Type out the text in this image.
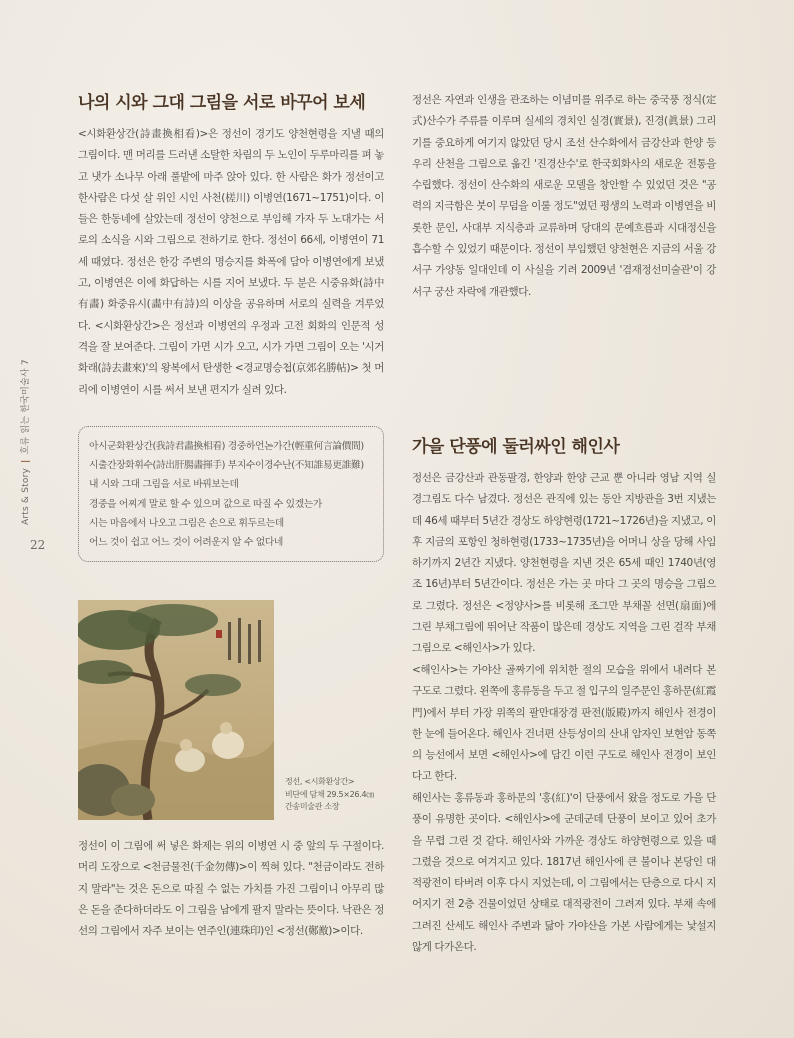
Arts & Story | 호류 읽는 한국미술사 7
22
나의 시와 그대 그림을 서로 바꾸어 보세

<시화환상간(詩畫換相看)>은 정선이 경기도 양천현령을 지낼 때의 그림이다. 맨 머리를 드러낸 소탈한 차림의 두 노인이 두루마리를 펴 놓고 냇가 소나무 아래 풀밭에 마주 앉아 있다. 한 사람은 화가 정선이고 한사람은 다섯 살 위인 시인 사천(槎川) 이병연(1671~1751)이다. 이들은 한동네에 살았는데 정선이 양천으로 부임해 가자 두 노대가는 서로의 소식을 시와 그림으로 전하기로 한다. 정선이 66세, 이병연이 71세 때였다. 정선은 한강 주변의 명승지를 화폭에 담아 이병연에게 보냈고, 이병연은 이에 화답하는 시를 지어 보냈다. 두 분은 시중유화(詩中有畵) 화중유시(畵中有詩)의 이상을 공유하며 서로의 실력을 겨루었다. <시화환상간>은 정선과 이병연의 우정과 고전 회화의 인문적 성격을 잘 보여준다. 그림이 가면 시가 오고, 시가 가면 그림이 오는 '시거화래(詩去畫來)'의 왕복에서 탄생한 <경교명승첩(京郊名勝帖)> 첫 머리에 이병연이 시를 써서 보낸 편지가 실려 있다.

아시군화환상간(我詩君畵換相看) 경중하언논가간(輕重何言論價間)
시출간장화휘수(詩出肝腸畵揮手) 부지수이경수난(不知誰易更誰難)
내 시와 그대 그림을 서로 바꿔보는데
경중을 어찌게 말로 할 수 있으며 값으로 따질 수 있겠는가
시는 마음에서 나오고 그림은 손으로 휘두르는데
어느 것이 쉽고 어느 것이 어려운지 알 수 없다네
정선, <시화환상간>
비단에 담채 29.5×26.4㎝
간송미술관 소장

정선이 이 그림에 써 넣은 화제는 위의 이병연 시 중 앞의 두 구절이다. 머리 도장으로 <천금물전(千金勿傳)>이 찍혀 있다. "천금이라도 전하지 말라"는 것은 돈으로 따질 수 없는 가치를 가진 그림이니 아무리 많은 돈을 준다하더라도 이 그림을 남에게 팔지 말라는 뜻이다. 낙관은 정선의 그림에서 자주 보이는 연주인(連珠印)인 <정선(鄭敾)>이다.

정선은 자연과 인생을 관조하는 이념미를 위주로 하는 중국풍 정식(定式)산수가 주류를 이루며 실세의 경치인 실경(實景), 진경(眞景) 그리기를 중요하게 여기지 않았던 당시 조선 산수화에서 금강산과 한양 등 우리 산천을 그림으로 옮긴 '진경산수'로 한국회화사의 새로운 전통을 수립했다. 정선이 산수화의 새로운 모델을 창안할 수 있었던 것은 "공력의 지극함은 붓이 무덤을 이룰 정도"였던 평생의 노력과 이병연을 비롯한 문인, 사대부 지식층과 교류하며 당대의 문예흐름과 시대정신을 흡수할 수 있었기 때문이다. 정선이 부임했던 양천현은 지금의 서울 강서구 가양동 일대인데 이 사실을 기려 2009년 '겸재정선미술관'이 강서구 궁산 자락에 개관했다.

가을 단풍에 둘러싸인 해인사

정선은 금강산과 관동팔경, 한양과 한양 근교 뿐 아니라 영남 지역 실경그림도 다수 남겼다. 정선은 관직에 있는 동안 지방관을 3번 지냈는데 46세 때부터 5년간 경상도 하양현령(1721~1726년)을 지냈고, 이후 지금의 포항인 청하현령(1733~1735년)을 어머니 상을 당해 사임하기까지 2년간 지냈다. 양천현령을 지낸 것은 65세 때인 1740년(영조 16년)부터 5년간이다. 정선은 가는 곳 마다 그 곳의 명승을 그림으로 그렸다. 정선은 <정양사>를 비롯해 조그만 부채꼴 선면(扇面)에 그린 부채그림에 뛰어난 작품이 많은데 경상도 지역을 그린 걸작 부채그림으로 <해인사>가 있다.

<해인사>는 가야산 골짜기에 위치한 절의 모습을 위에서 내려다 본 구도로 그렸다. 왼쪽에 홍류동을 두고 절 입구의 일주문인 홍하문(紅霞門)에서 부터 가장 위쪽의 팔만대장경 판전(版殿)까지 해인사 전경이 한 눈에 들어온다. 해인사 건너편 산등성이의 산내 암자인 보현암 동쪽의 능선에서 보면 <해인사>에 담긴 이런 구도로 해인사 전경이 보인다고 한다.

해인사는 홍류동과 홍하문의 '홍(紅)'이 단풍에서 왔을 정도로 가을 단풍이 유명한 곳이다. <해인사>에 군데군데 단풍이 보이고 있어 초가을 무렵 그린 것 같다. 해인사와 가까운 경상도 하양현령으로 있을 때 그렸을 것으로 여겨지고 있다. 1817년 해인사에 큰 불이나 본당인 대적광전이 타버려 이후 다시 지었는데, 이 그림에서는 단층으로 다시 지어지기 전 2층 건물이었던 상태로 대적광전이 그려져 있다. 부채 속에 그려진 산세도 해인사 주변과 닮아 가야산을 가본 사람에게는 낯설지 않게 다가온다.
